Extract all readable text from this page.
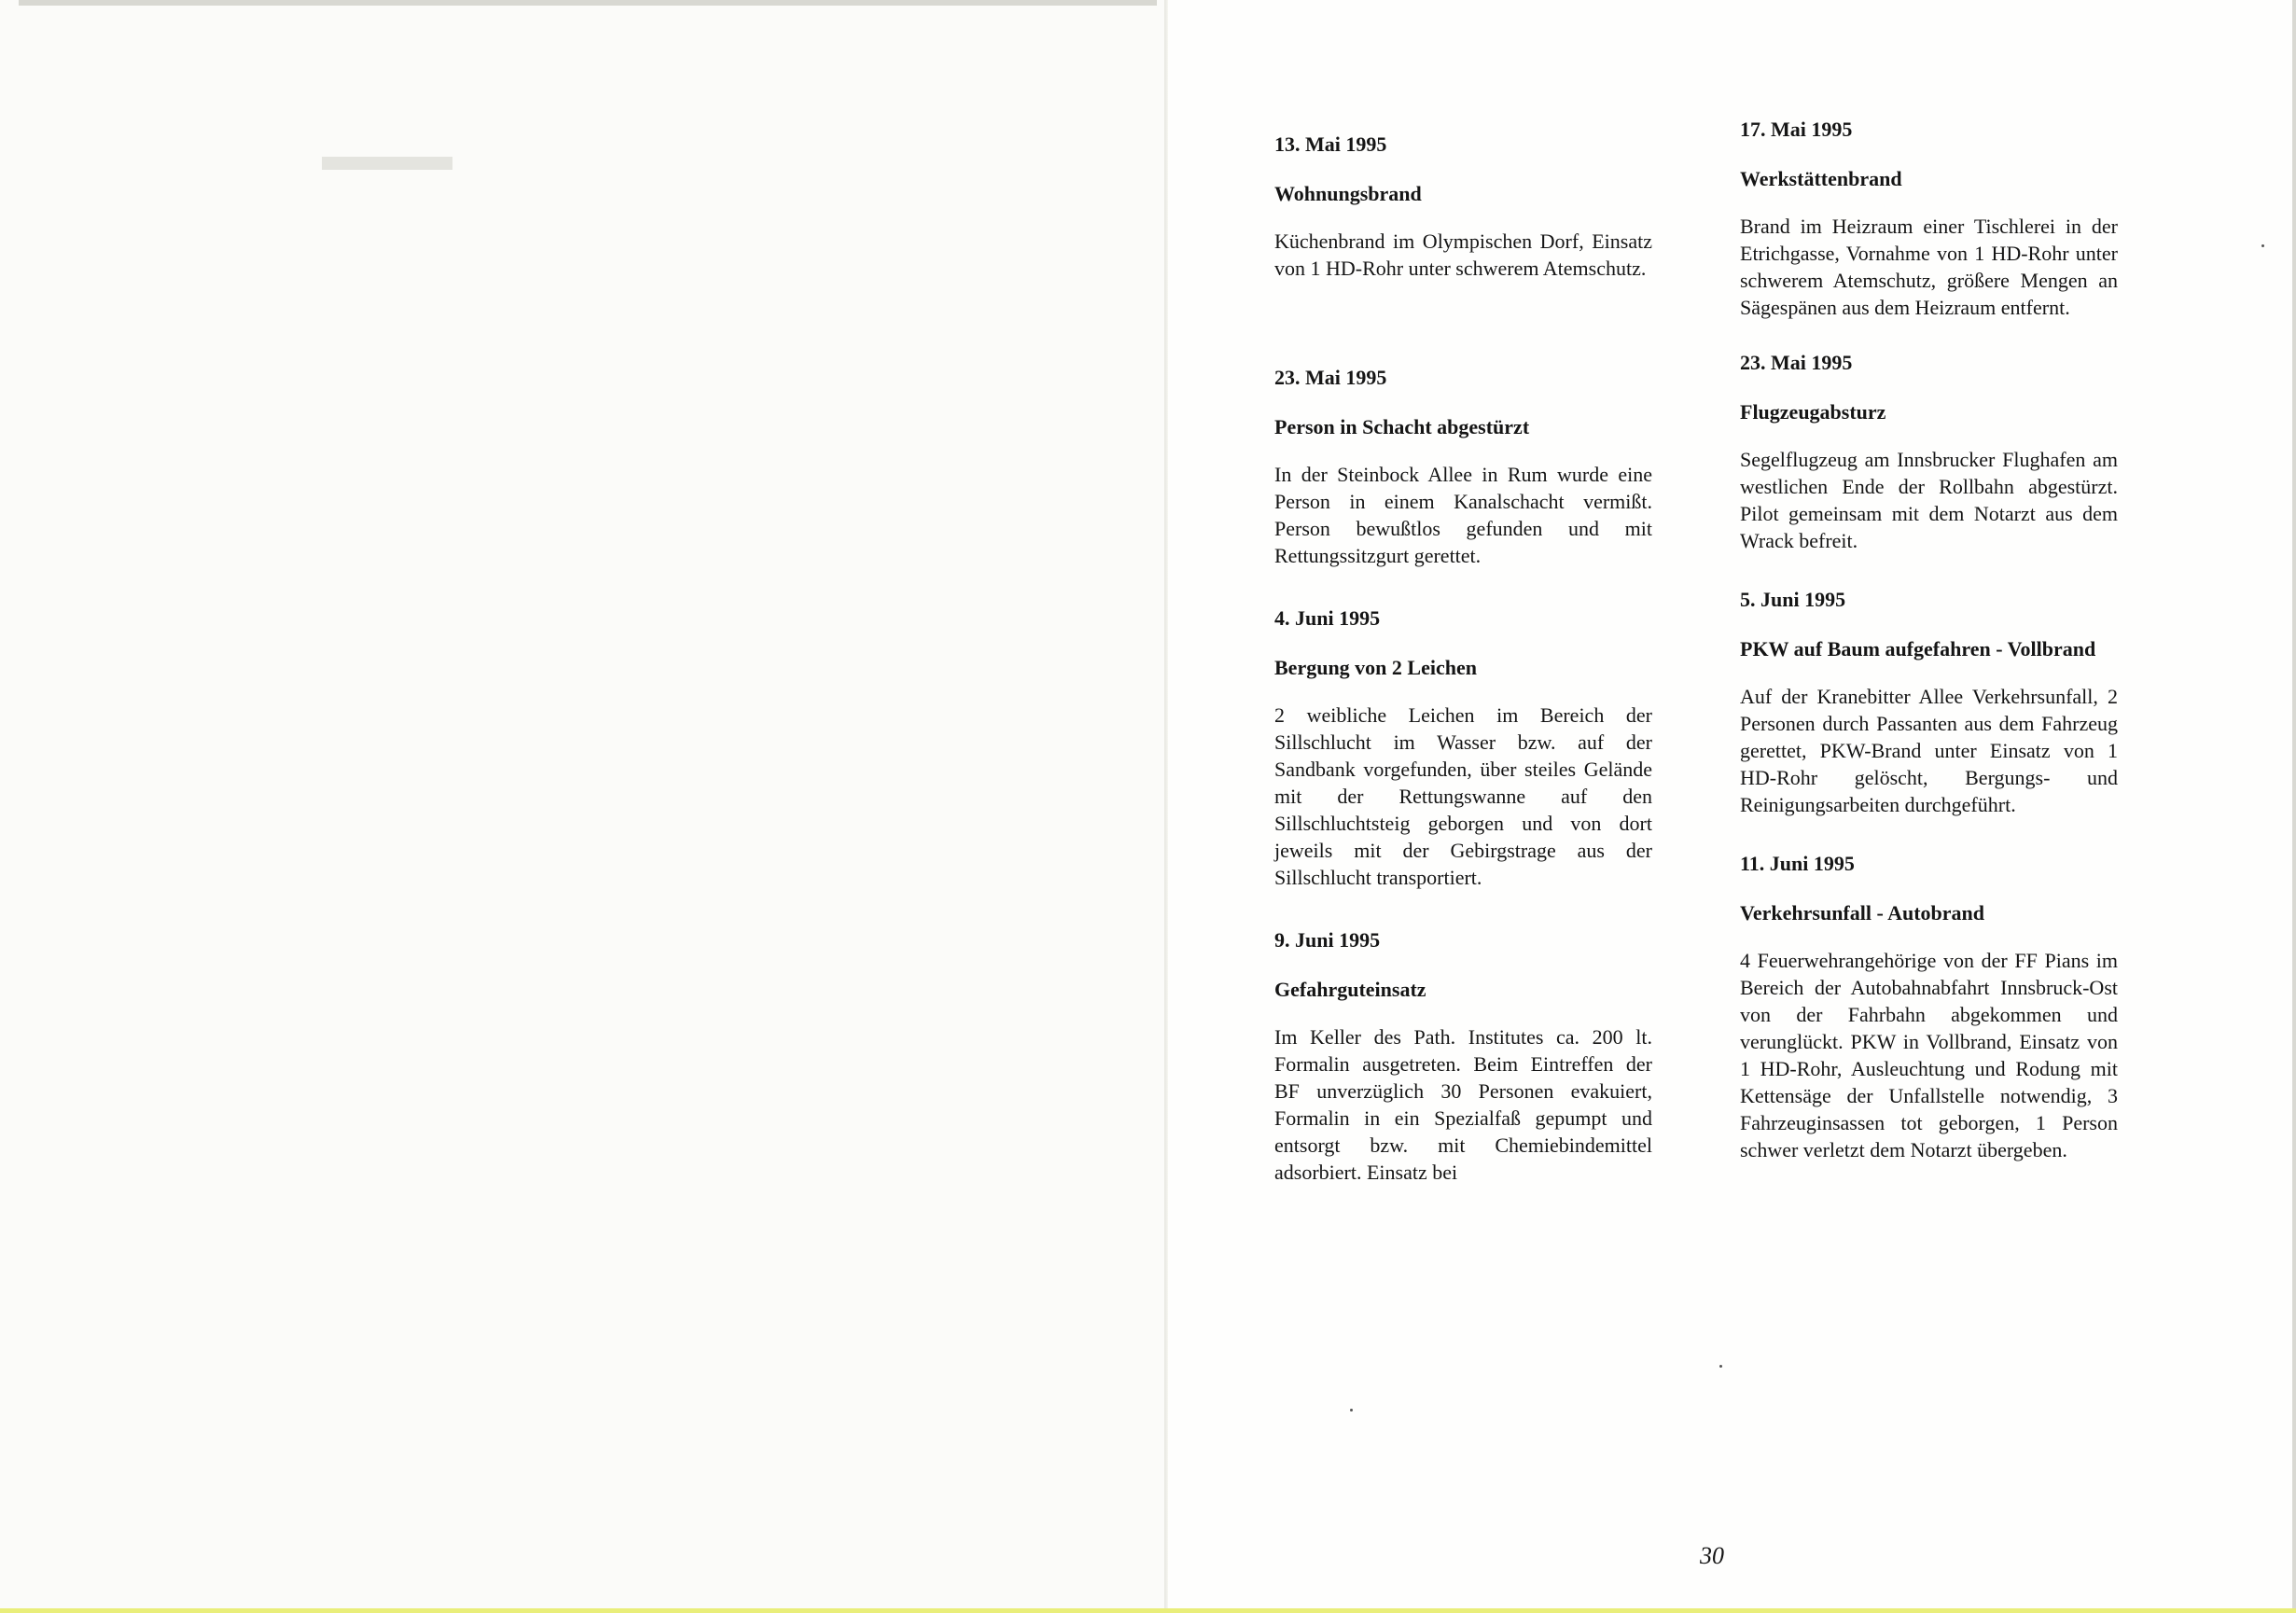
13. Mai 1995
Wohnungsbrand

Küchenbrand im Olympischen Dorf, Einsatz von 1 HD-Rohr unter schwerem Atemschutz.

23. Mai 1995
Person in Schacht abgestürzt

In der Steinbock Allee in Rum wurde eine Person in einem Kanalschacht vermißt. Person bewußtlos gefunden und mit Rettungssitzgurt gerettet.

4. Juni 1995
Bergung von 2 Leichen

2 weibliche Leichen im Bereich der Sillschlucht im Wasser bzw. auf der Sandbank vorgefunden, über steiles Gelände mit der Rettungswanne auf den Sillschluchtsteig geborgen und von dort jeweils mit der Gebirgstrage aus der Sillschlucht transportiert.

9. Juni 1995
Gefahrguteinsatz

Im Keller des Path. Institutes ca. 200 lt. Formalin ausgetreten. Beim Eintreffen der BF unverzüglich 30 Personen evakuiert, Formalin in ein Spezialfaß gepumpt und entsorgt bzw. mit Chemiebindemittel adsorbiert. Einsatz bei

17. Mai 1995
Werkstättenbrand

Brand im Heizraum einer Tischlerei in der Etrichgasse, Vornahme von 1 HD-Rohr unter schwerem Atemschutz, größere Mengen an Sägespänen aus dem Heizraum entfernt.

23. Mai 1995
Flugzeugabsturz

Segelflugzeug am Innsbrucker Flughafen am westlichen Ende der Rollbahn abgestürzt. Pilot gemeinsam mit dem Notarzt aus dem Wrack befreit.

5. Juni 1995
PKW auf Baum aufgefahren - Vollbrand

Auf der Kranebitter Allee Verkehrsunfall, 2 Personen durch Passanten aus dem Fahrzeug gerettet, PKW-Brand unter Einsatz von 1 HD-Rohr gelöscht, Bergungs- und Reinigungsarbeiten durchgeführt.

11. Juni 1995
Verkehrsunfall - Autobrand

4 Feuerwehrangehörige von der FF Pians im Bereich der Autobahnabfahrt Innsbruck-Ost von der Fahrbahn abgekommen und verunglückt. PKW in Vollbrand, Einsatz von 1 HD-Rohr, Ausleuchtung und Rodung mit Kettensäge der Unfallstelle notwendig, 3 Fahrzeuginsassen tot geborgen, 1 Person schwer verletzt dem Notarzt übergeben.

30
